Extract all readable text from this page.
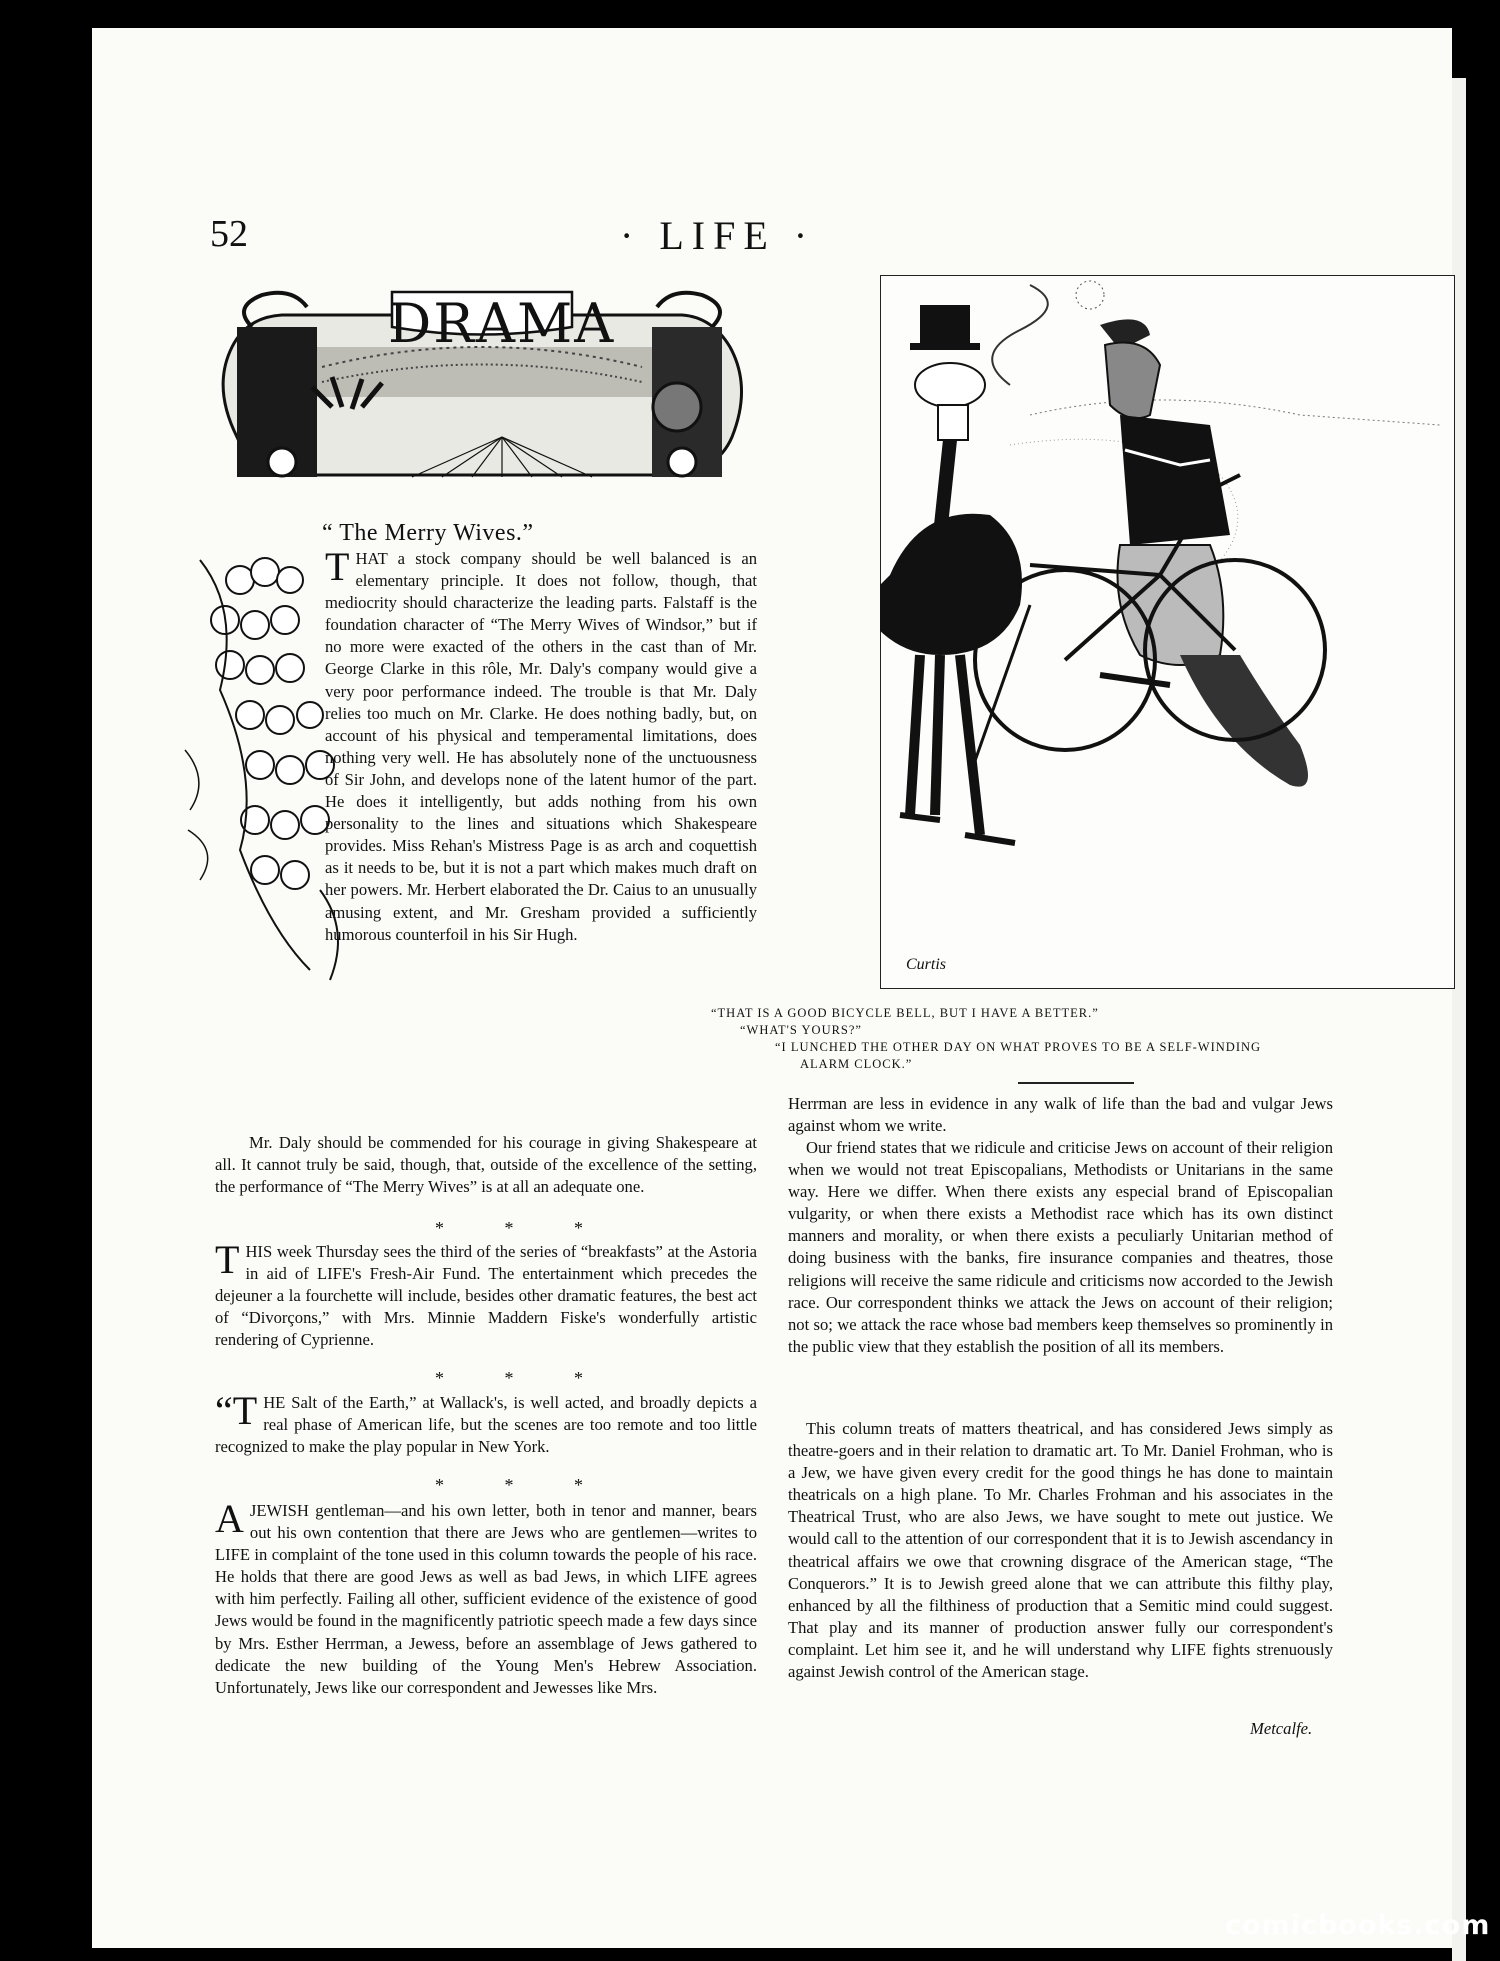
52	· LIFE ·
DRAMA
“ The Merry Wives.”

THAT a stock company should be well balanced is an elementary principle. It does not follow, though, that mediocrity should characterize the leading parts. Falstaff is the foundation character of “The Merry Wives of Windsor,” but if no more were exacted of the others in the cast than of Mr. George Clarke in this rôle, Mr. Daly's company would give a very poor performance indeed. The trouble is that Mr. Daly relies too much on Mr. Clarke. He does nothing badly, but, on account of his physical and temperamental limitations, does nothing very well. He has absolutely none of the unctuousness of Sir John, and develops none of the latent humor of the part. He does it intelligently, but adds nothing from his own personality to the lines and situations which Shakespeare provides. Miss Rehan's Mistress Page is as arch and coquettish as it needs to be, but it is not a part which makes much draft on her powers. Mr. Herbert elaborated the Dr. Caius to an unusually amusing extent, and Mr. Gresham provided a sufficiently humorous counterfoil in his Sir Hugh.

Mr. Daly should be commended for his courage in giving Shakespeare at all. It cannot truly be said, though, that, outside of the excellence of the setting, the performance of “The Merry Wives” is at all an adequate one.

* * *

THIS week Thursday sees the third of the series of “breakfasts” at the Astoria in aid of LIFE's Fresh-Air Fund. The entertainment which precedes the dejeuner a la fourchette will include, besides other dramatic features, the best act of “Divorçons,” with Mrs. Minnie Maddern Fiske's wonderfully artistic rendering of Cyprienne.

* * *

“THE Salt of the Earth,” at Wallack's, is well acted, and broadly depicts a real phase of American life, but the scenes are too remote and too little recognized to make the play popular in New York.

* * *

AJEWISH gentleman—and his own letter, both in tenor and manner, bears out his own contention that there are Jews who are gentlemen—writes to LIFE in complaint of the tone used in this column towards the people of his race. He holds that there are good Jews as well as bad Jews, in which LIFE agrees with him perfectly. Failing all other, sufficient evidence of the existence of good Jews would be found in the magnificently patriotic speech made a few days since by Mrs. Esther Herrman, a Jewess, before an assemblage of Jews gathered to dedicate the new building of the Young Men's Hebrew Association. Unfortunately, Jews like our correspondent and Jewesses like Mrs.

Curtis
“THAT IS A GOOD BICYCLE BELL, BUT I HAVE A BETTER.”
“WHAT'S YOURS?”
“I LUNCHED THE OTHER DAY ON WHAT PROVES TO BE A SELF-WINDING
ALARM CLOCK.”

Herrman are less in evidence in any walk of life than the bad and vulgar Jews against whom we write.

Our friend states that we ridicule and criticise Jews on account of their religion when we would not treat Episcopalians, Methodists or Unitarians in the same way. Here we differ. When there exists any especial brand of Episcopalian vulgarity, or when there exists a Methodist race which has its own distinct manners and morality, or when there exists a peculiarly Unitarian method of doing business with the banks, fire insurance companies and theatres, those religions will receive the same ridicule and criticisms now accorded to the Jewish race. Our correspondent thinks we attack the Jews on account of their religion; not so; we attack the race whose bad members keep themselves so prominently in the public view that they establish the position of all its members.

This column treats of matters theatrical, and has considered Jews simply as theatre-goers and in their relation to dramatic art. To Mr. Daniel Frohman, who is a Jew, we have given every credit for the good things he has done to maintain theatricals on a high plane. To Mr. Charles Frohman and his associates in the Theatrical Trust, who are also Jews, we have sought to mete out justice. We would call to the attention of our correspondent that it is to Jewish ascendancy in theatrical affairs we owe that crowning disgrace of the American stage, “The Conquerors.” It is to Jewish greed alone that we can attribute this filthy play, enhanced by all the filthiness of production that a Semitic mind could suggest. That play and its manner of production answer fully our correspondent's complaint. Let him see it, and he will understand why LIFE fights strenuously against Jewish control of the American stage.

Metcalfe.
comicbooks.com
